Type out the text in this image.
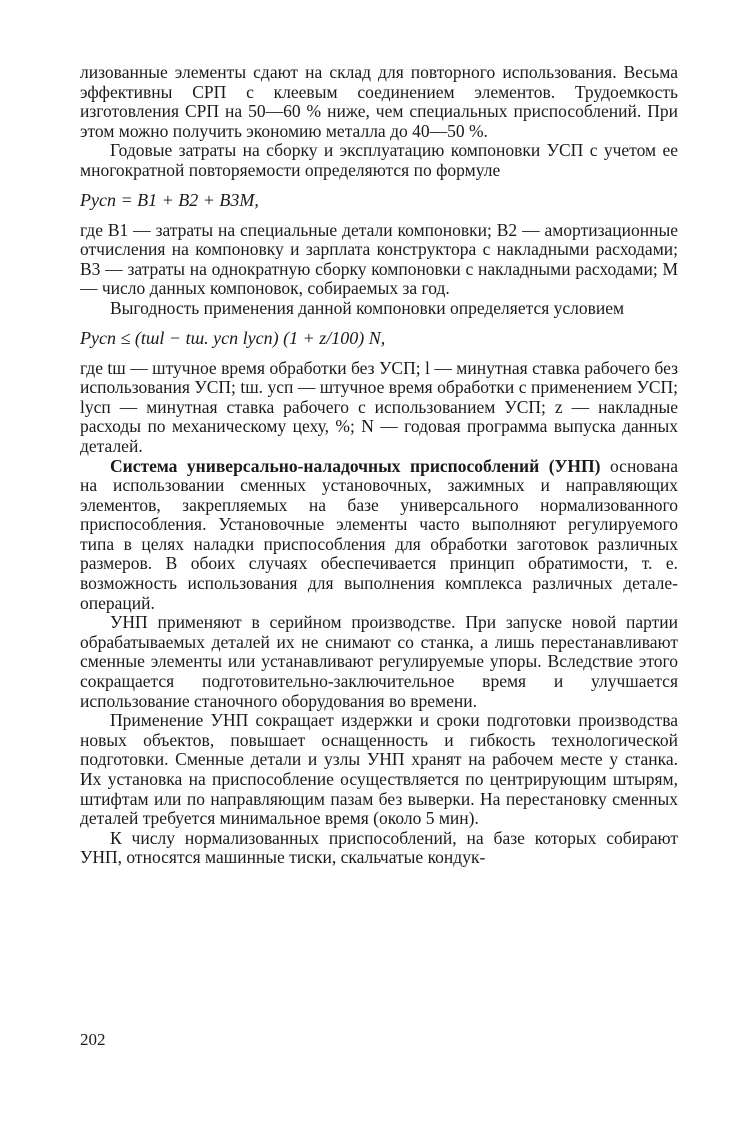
лизованные элементы сдают на склад для повторного использования. Весьма эффективны СРП с клеевым соединением элементов. Трудоемкость изготовления СРП на 50—60 % ниже, чем специальных приспособлений. При этом можно получить экономию металла до 40—50 %.

Годовые затраты на сборку и эксплуатацию компоновки УСП с учетом ее многократной повторяемости определяются по формуле

Pусп = B1 + B2 + B3M,

где B1 — затраты на специальные детали компоновки; B2 — амортизационные отчисления на компоновку и зарплата конструктора с накладными расходами; B3 — затраты на однократную сборку компоновки с накладными расходами; M — число данных компоновок, собираемых за год.

Выгодность применения данной компоновки определяется условием

Pусп ≤ (tшl − tш. усп lусп) (1 + z/100) N,

где tш — штучное время обработки без УСП; l — минутная ставка рабочего без использования УСП; tш. усп — штучное время обработки с применением УСП; lусп — минутная ставка рабочего с использованием УСП; z — накладные расходы по механическому цеху, %; N — годовая программа выпуска данных деталей.

Система универсально-наладочных приспособлений (УНП) основана на использовании сменных установочных, зажимных и направляющих элементов, закрепляемых на базе универсального нормализованного приспособления. Установочные элементы часто выполняют регулируемого типа в целях наладки приспособления для обработки заготовок различных размеров. В обоих случаях обеспечивается принцип обратимости, т. е. возможность использования для выполнения комплекса различных детале-операций.

УНП применяют в серийном производстве. При запуске новой партии обрабатываемых деталей их не снимают со станка, а лишь перестанавливают сменные элементы или устанавливают регулируемые упоры. Вследствие этого сокращается подготовительно-заключительное время и улучшается использование станочного оборудования во времени.

Применение УНП сокращает издержки и сроки подготовки производства новых объектов, повышает оснащенность и гибкость технологической подготовки. Сменные детали и узлы УНП хранят на рабочем месте у станка. Их установка на приспособление осуществляется по центрирующим штырям, штифтам или по направляющим пазам без выверки. На перестановку сменных деталей требуется минимальное время (около 5 мин).

К числу нормализованных приспособлений, на базе которых собирают УНП, относятся машинные тиски, скальчатые кондук-

202
